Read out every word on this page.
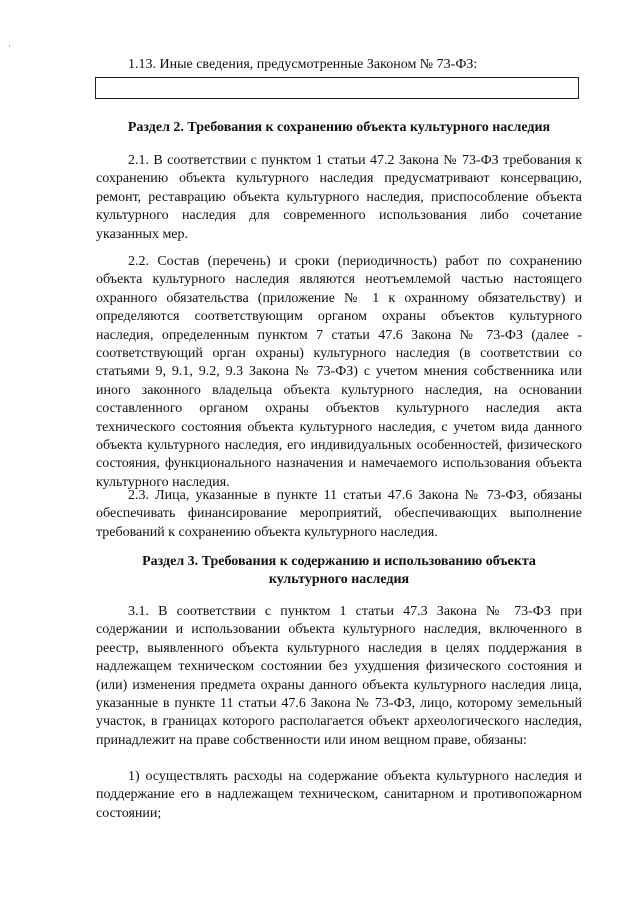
·
1.13. Иные сведения, предусмотренные Законом № 73-ФЗ:
Раздел 2. Требования к сохранению объекта культурного наследия

2.1. В соответствии с пунктом 1 статьи 47.2 Закона № 73-ФЗ требования к сохранению объекта культурного наследия предусматривают консервацию, ремонт, реставрацию объекта культурного наследия, приспособление объекта культурного наследия для современного использования либо сочетание указанных мер.

2.2. Состав (перечень) и сроки (периодичность) работ по сохранению объекта культурного наследия являются неотъемлемой частью настоящего охранного обязательства (приложение № 1 к охранному обязательству) и определяются соответствующим органом охраны объектов культурного наследия, определенным пунктом 7 статьи 47.6 Закона № 73-ФЗ (далее - соответствующий орган охраны) культурного наследия (в соответствии со статьями 9, 9.1, 9.2, 9.3 Закона № 73-ФЗ) с учетом мнения собственника или иного законного владельца объекта культурного наследия, на основании составленного органом охраны объектов культурного наследия акта технического состояния объекта культурного наследия, с учетом вида данного объекта культурного наследия, его индивидуальных особенностей, физического состояния, функционального назначения и намечаемого использования объекта культурного наследия.

2.3. Лица, указанные в пункте 11 статьи 47.6 Закона № 73-ФЗ, обязаны обеспечивать финансирование мероприятий, обеспечивающих выполнение требований к сохранению объекта культурного наследия.

Раздел 3. Требования к содержанию и использованию объекта
культурного наследия

3.1. В соответствии с пунктом 1 статьи 47.3 Закона № 73-ФЗ при содержании и использовании объекта культурного наследия, включенного в реестр, выявленного объекта культурного наследия в целях поддержания в надлежащем техническом состоянии без ухудшения физического состояния и (или) изменения предмета охраны данного объекта культурного наследия лица, указанные в пункте 11 статьи 47.6 Закона № 73-ФЗ, лицо, которому земельный участок, в границах которого располагается объект археологического наследия, принадлежит на праве собственности или ином вещном праве, обязаны:

1) осуществлять расходы на содержание объекта культурного наследия и поддержание его в надлежащем техническом, санитарном и противопожарном состоянии;
